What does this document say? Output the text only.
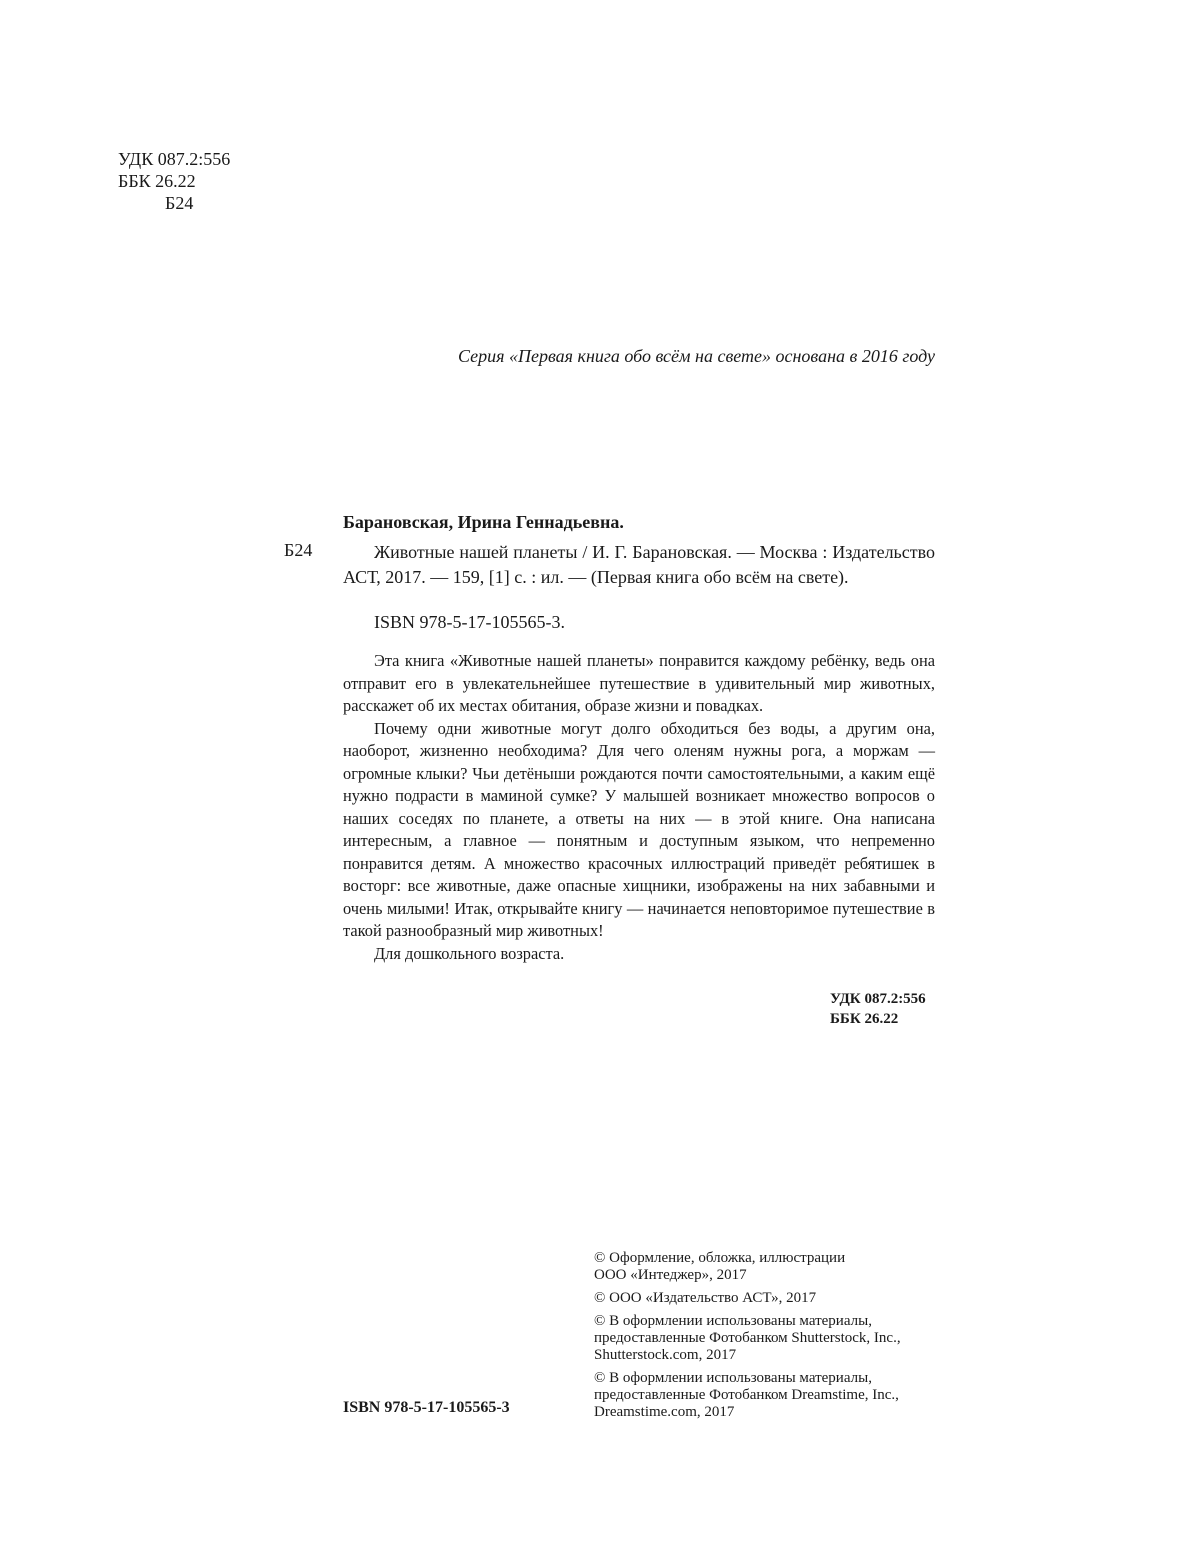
УДК 087.2:556
ББК 26.22
Б24
Серия «Первая книга обо всём на свете» основана в 2016 году
Барановская, Ирина Геннадьевна.
Б24	Животные нашей планеты / И. Г. Барановская. — Москва : Издательство АСТ, 2017. — 159, [1] с. : ил. — (Первая книга обо всём на свете).
ISBN 978-5-17-105565-3.

Эта книга «Животные нашей планеты» понравится каждому ребёнку, ведь она отправит его в увлекательнейшее путешествие в удивительный мир животных, расскажет об их местах обитания, образе жизни и повадках.

Почему одни животные могут долго обходиться без воды, а другим она, наоборот, жизненно необходима? Для чего оленям нужны рога, а моржам — огромные клыки? Чьи детёныши рождаются почти самостоятельными, а каким ещё нужно подрасти в маминой сумке? У малышей возникает множество вопросов о наших соседях по планете, а ответы на них — в этой книге. Она написана интересным, а главное — понятным и доступным языком, что непременно понравится детям. А множество красочных иллюстраций приведёт ребятишек в восторг: все животные, даже опасные хищники, изображены на них забавными и очень милыми! Итак, открывайте книгу — начинается неповторимое путешествие в такой разнообразный мир животных!

Для дошкольного возраста.

УДК 087.2:556
ББК 26.22

© Оформление, обложка, иллюстрации
ООО «Интеджер», 2017

© ООО «Издательство АСТ», 2017

© В оформлении использованы материалы,
предоставленные Фотобанком Shutterstock, Inc.,
Shutterstock.com, 2017

© В оформлении использованы материалы,
предоставленные Фотобанком Dreamstime, Inc.,
Dreamstime.com, 2017

ISBN 978-5-17-105565-3
